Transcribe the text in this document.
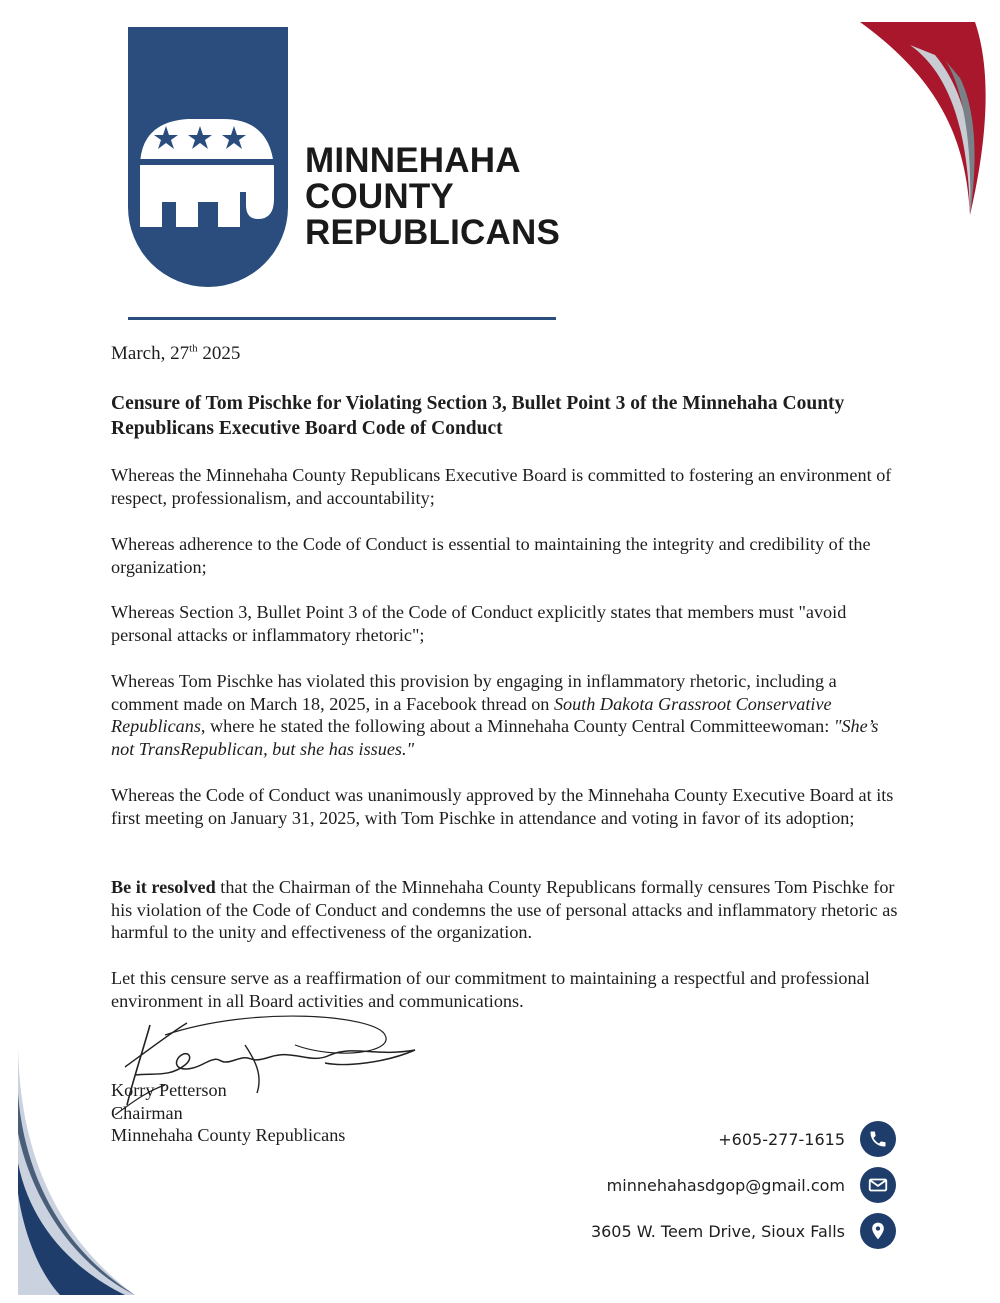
MINNEHAHA
COUNTY
REPUBLICANS
March, 27th 2025
Censure of Tom Pischke for Violating Section 3, Bullet Point 3 of the Minnehaha County Republicans Executive Board Code of Conduct
Whereas the Minnehaha County Republicans Executive Board is committed to fostering an environment of respect, professionalism, and accountability;
Whereas adherence to the Code of Conduct is essential to maintaining the integrity and credibility of the organization;
Whereas Section 3, Bullet Point 3 of the Code of Conduct explicitly states that members must "avoid personal attacks or inflammatory rhetoric";
Whereas Tom Pischke has violated this provision by engaging in inflammatory rhetoric, including a comment made on March 18, 2025, in a Facebook thread on South Dakota Grassroot Conservative Republicans, where he stated the following about a Minnehaha County Central Committeewoman: "She’s not TransRepublican, but she has issues."
Whereas the Code of Conduct was unanimously approved by the Minnehaha County Executive Board at its first meeting on January 31, 2025, with Tom Pischke in attendance and voting in favor of its adoption;
Be it resolved that the Chairman of the Minnehaha County Republicans formally censures Tom Pischke for his violation of the Code of Conduct and condemns the use of personal attacks and inflammatory rhetoric as harmful to the unity and effectiveness of the organization.
Let this censure serve as a reaffirmation of our commitment to maintaining a respectful and professional environment in all Board activities and communications.
Korry Petterson
Chairman
Minnehaha County Republicans	+605-277-1615
minnehahasdgop@gmail.com
3605 W. Teem Drive, Sioux Falls
